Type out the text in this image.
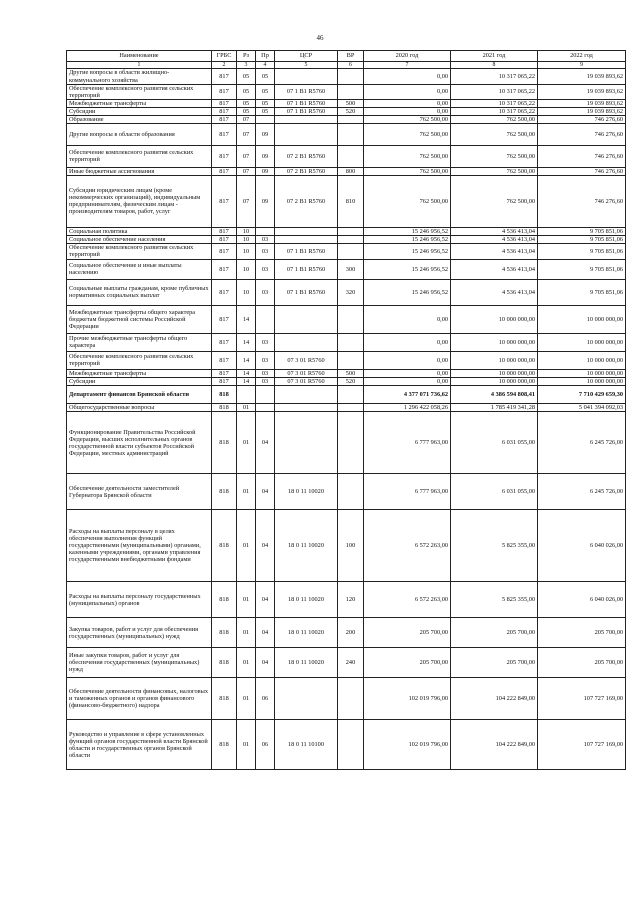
46
Наименование	ГРБС	Рз	Пр	ЦСР	ВР	2020 год	2021 год	2022 год
1	2	3	4	5	6	7	8	9
Другие вопросы в области жилищно-коммунального хозяйства	817	05	05			0,00	10 317 065,22	19 039 893,62
Обеспечение комплексного развития сельских территорий	817	05	05	07 1 В1 R5760		0,00	10 317 065,22	19 039 893,62
Межбюджетные трансферты	817	05	05	07 1 В1 R5760	500	0,00	10 317 065,22	19 039 893,62
Субсидии	817	05	05	07 1 В1 R5760	520	0,00	10 317 065,22	19 039 893,62
Образование	817	07				762 500,00	762 500,00	746 276,60
Другие вопросы в области образования	817	07	09			762 500,00	762 500,00	746 276,60
Обеспечение комплексного развития сельских территорий	817	07	09	07 2 В1 R5760		762 500,00	762 500,00	746 276,60
Иные бюджетные ассигнования	817	07	09	07 2 В1 R5760	800	762 500,00	762 500,00	746 276,60
Субсидии юридическим лицам (кроме некоммерческих организаций), индивидуальным предпринимателям, физическим лицам - производителям товаров, работ, услуг	817	07	09	07 2 В1 R5760	810	762 500,00	762 500,00	746 276,60
Социальная политика	817	10				15 246 956,52	4 536 413,04	9 705 851,06
Социальное обеспечение населения	817	10	03			15 246 956,52	4 536 413,04	9 705 851,06
Обеспечение комплексного развития сельских территорий	817	10	03	07 1 В1 R5760		15 246 956,52	4 536 413,04	9 705 851,06
Социальное обеспечение и иные выплаты населению	817	10	03	07 1 В1 R5760	300	15 246 956,52	4 536 413,04	9 705 851,06
Социальные выплаты гражданам, кроме публичных нормативных социальных выплат	817	10	03	07 1 В1 R5760	320	15 246 956,52	4 536 413,04	9 705 851,06
Межбюджетные трансферты общего характера бюджетам бюджетной системы Российской Федерации	817	14				0,00	10 000 000,00	10 000 000,00
Прочие межбюджетные трансферты общего характера	817	14	03			0,00	10 000 000,00	10 000 000,00
Обеспечение комплексного развития сельских территорий	817	14	03	07 3 01 R5760		0,00	10 000 000,00	10 000 000,00
Межбюджетные трансферты	817	14	03	07 3 01 R5760	500	0,00	10 000 000,00	10 000 000,00
Субсидии	817	14	03	07 3 01 R5760	520	0,00	10 000 000,00	10 000 000,00
Департамент финансов Брянской области	818					4 377 071 736,62	4 386 594 808,41	7 710 429 659,30
Общегосударственные вопросы	818	01				1 296 422 058,26	1 785 419 341,28	5 041 394 092,03
Функционирование Правительства Российской Федерации, высших исполнительных органов государственной власти субъектов Российской Федерации, местных администраций	818	01	04			6 777 963,00	6 031 055,00	6 245 726,00
Обеспечение деятельности заместителей Губернатора Брянской области	818	01	04	18 0 11 10020		6 777 963,00	6 031 055,00	6 245 726,00
Расходы на выплаты персоналу в целях обеспечения выполнения функций государственными (муниципальными) органами, казенными учреждениями, органами управления государственными внебюджетными фондами	818	01	04	18 0 11 10020	100	6 572 263,00	5 825 355,00	6 040 026,00
Расходы на выплаты персоналу государственных (муниципальных) органов	818	01	04	18 0 11 10020	120	6 572 263,00	5 825 355,00	6 040 026,00
Закупка товаров, работ и услуг для обеспечения государственных (муниципальных) нужд	818	01	04	18 0 11 10020	200	205 700,00	205 700,00	205 700,00
Иные закупки товаров, работ и услуг для обеспечения государственных (муниципальных) нужд	818	01	04	18 0 11 10020	240	205 700,00	205 700,00	205 700,00
Обеспечение деятельности финансовых, налоговых и таможенных органов и органов финансового (финансово-бюджетного) надзора	818	01	06			102 019 796,00	104 222 849,00	107 727 169,00
Руководство и управление в сфере установленных функций органов государственной власти Брянской области и государственных органов Брянской области	818	01	06	18 0 11 10100		102 019 796,00	104 222 849,00	107 727 169,00
